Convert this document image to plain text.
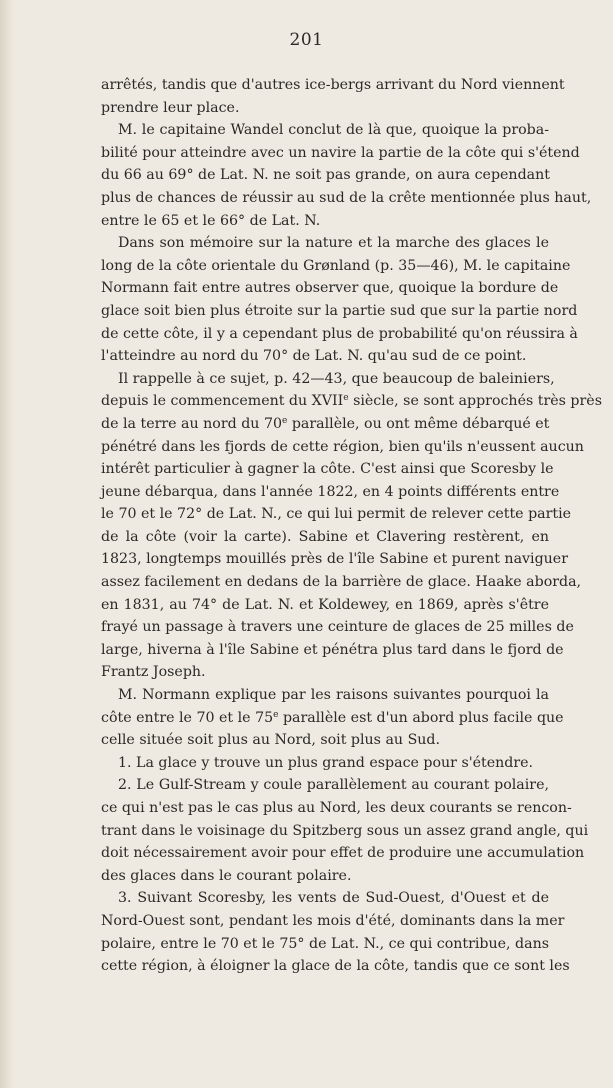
201
arrêtés, tandis que d'autres ice-bergs arrivant du Nord viennent
prendre leur place.
M. le capitaine Wandel conclut de là que, quoique la proba-
bilité pour atteindre avec un navire la partie de la côte qui s'étend
du 66 au 69° de Lat. N. ne soit pas grande, on aura cependant
plus de chances de réussir au sud de la crête mentionnée plus haut,
entre le 65 et le 66° de Lat. N.
Dans son mémoire sur la nature et la marche des glaces le
long de la côte orientale du Grønland (p. 35—46), M. le capitaine
Normann fait entre autres observer que, quoique la bordure de
glace soit bien plus étroite sur la partie sud que sur la partie nord
de cette côte, il y a cependant plus de probabilité qu'on réussira à
l'atteindre au nord du 70° de Lat. N. qu'au sud de ce point.
Il rappelle à ce sujet, p. 42—43, que beaucoup de baleiniers,
depuis le commencement du XVIIe siècle, se sont approchés très près
de la terre au nord du 70e parallèle, ou ont même débarqué et
pénétré dans les fjords de cette région, bien qu'ils n'eussent aucun
intérêt particulier à gagner la côte. C'est ainsi que Scoresby le
jeune débarqua, dans l'année 1822, en 4 points différents entre
le 70 et le 72° de Lat. N., ce qui lui permit de relever cette partie
de la côte (voir la carte). Sabine et Clavering restèrent, en
1823, longtemps mouillés près de l'île Sabine et purent naviguer
assez facilement en dedans de la barrière de glace. Haake aborda,
en 1831, au 74° de Lat. N. et Koldewey, en 1869, après s'être
frayé un passage à travers une ceinture de glaces de 25 milles de
large, hiverna à l'île Sabine et pénétra plus tard dans le fjord de
Frantz Joseph.
M. Normann explique par les raisons suivantes pourquoi la
côte entre le 70 et le 75e parallèle est d'un abord plus facile que
celle située soit plus au Nord, soit plus au Sud.
1. La glace y trouve un plus grand espace pour s'étendre.
2. Le Gulf-Stream y coule parallèlement au courant polaire,
ce qui n'est pas le cas plus au Nord, les deux courants se rencon-
trant dans le voisinage du Spitzberg sous un assez grand angle, qui
doit nécessairement avoir pour effet de produire une accumulation
des glaces dans le courant polaire.
3. Suivant Scoresby, les vents de Sud-Ouest, d'Ouest et de
Nord-Ouest sont, pendant les mois d'été, dominants dans la mer
polaire, entre le 70 et le 75° de Lat. N., ce qui contribue, dans
cette région, à éloigner la glace de la côte, tandis que ce sont les
